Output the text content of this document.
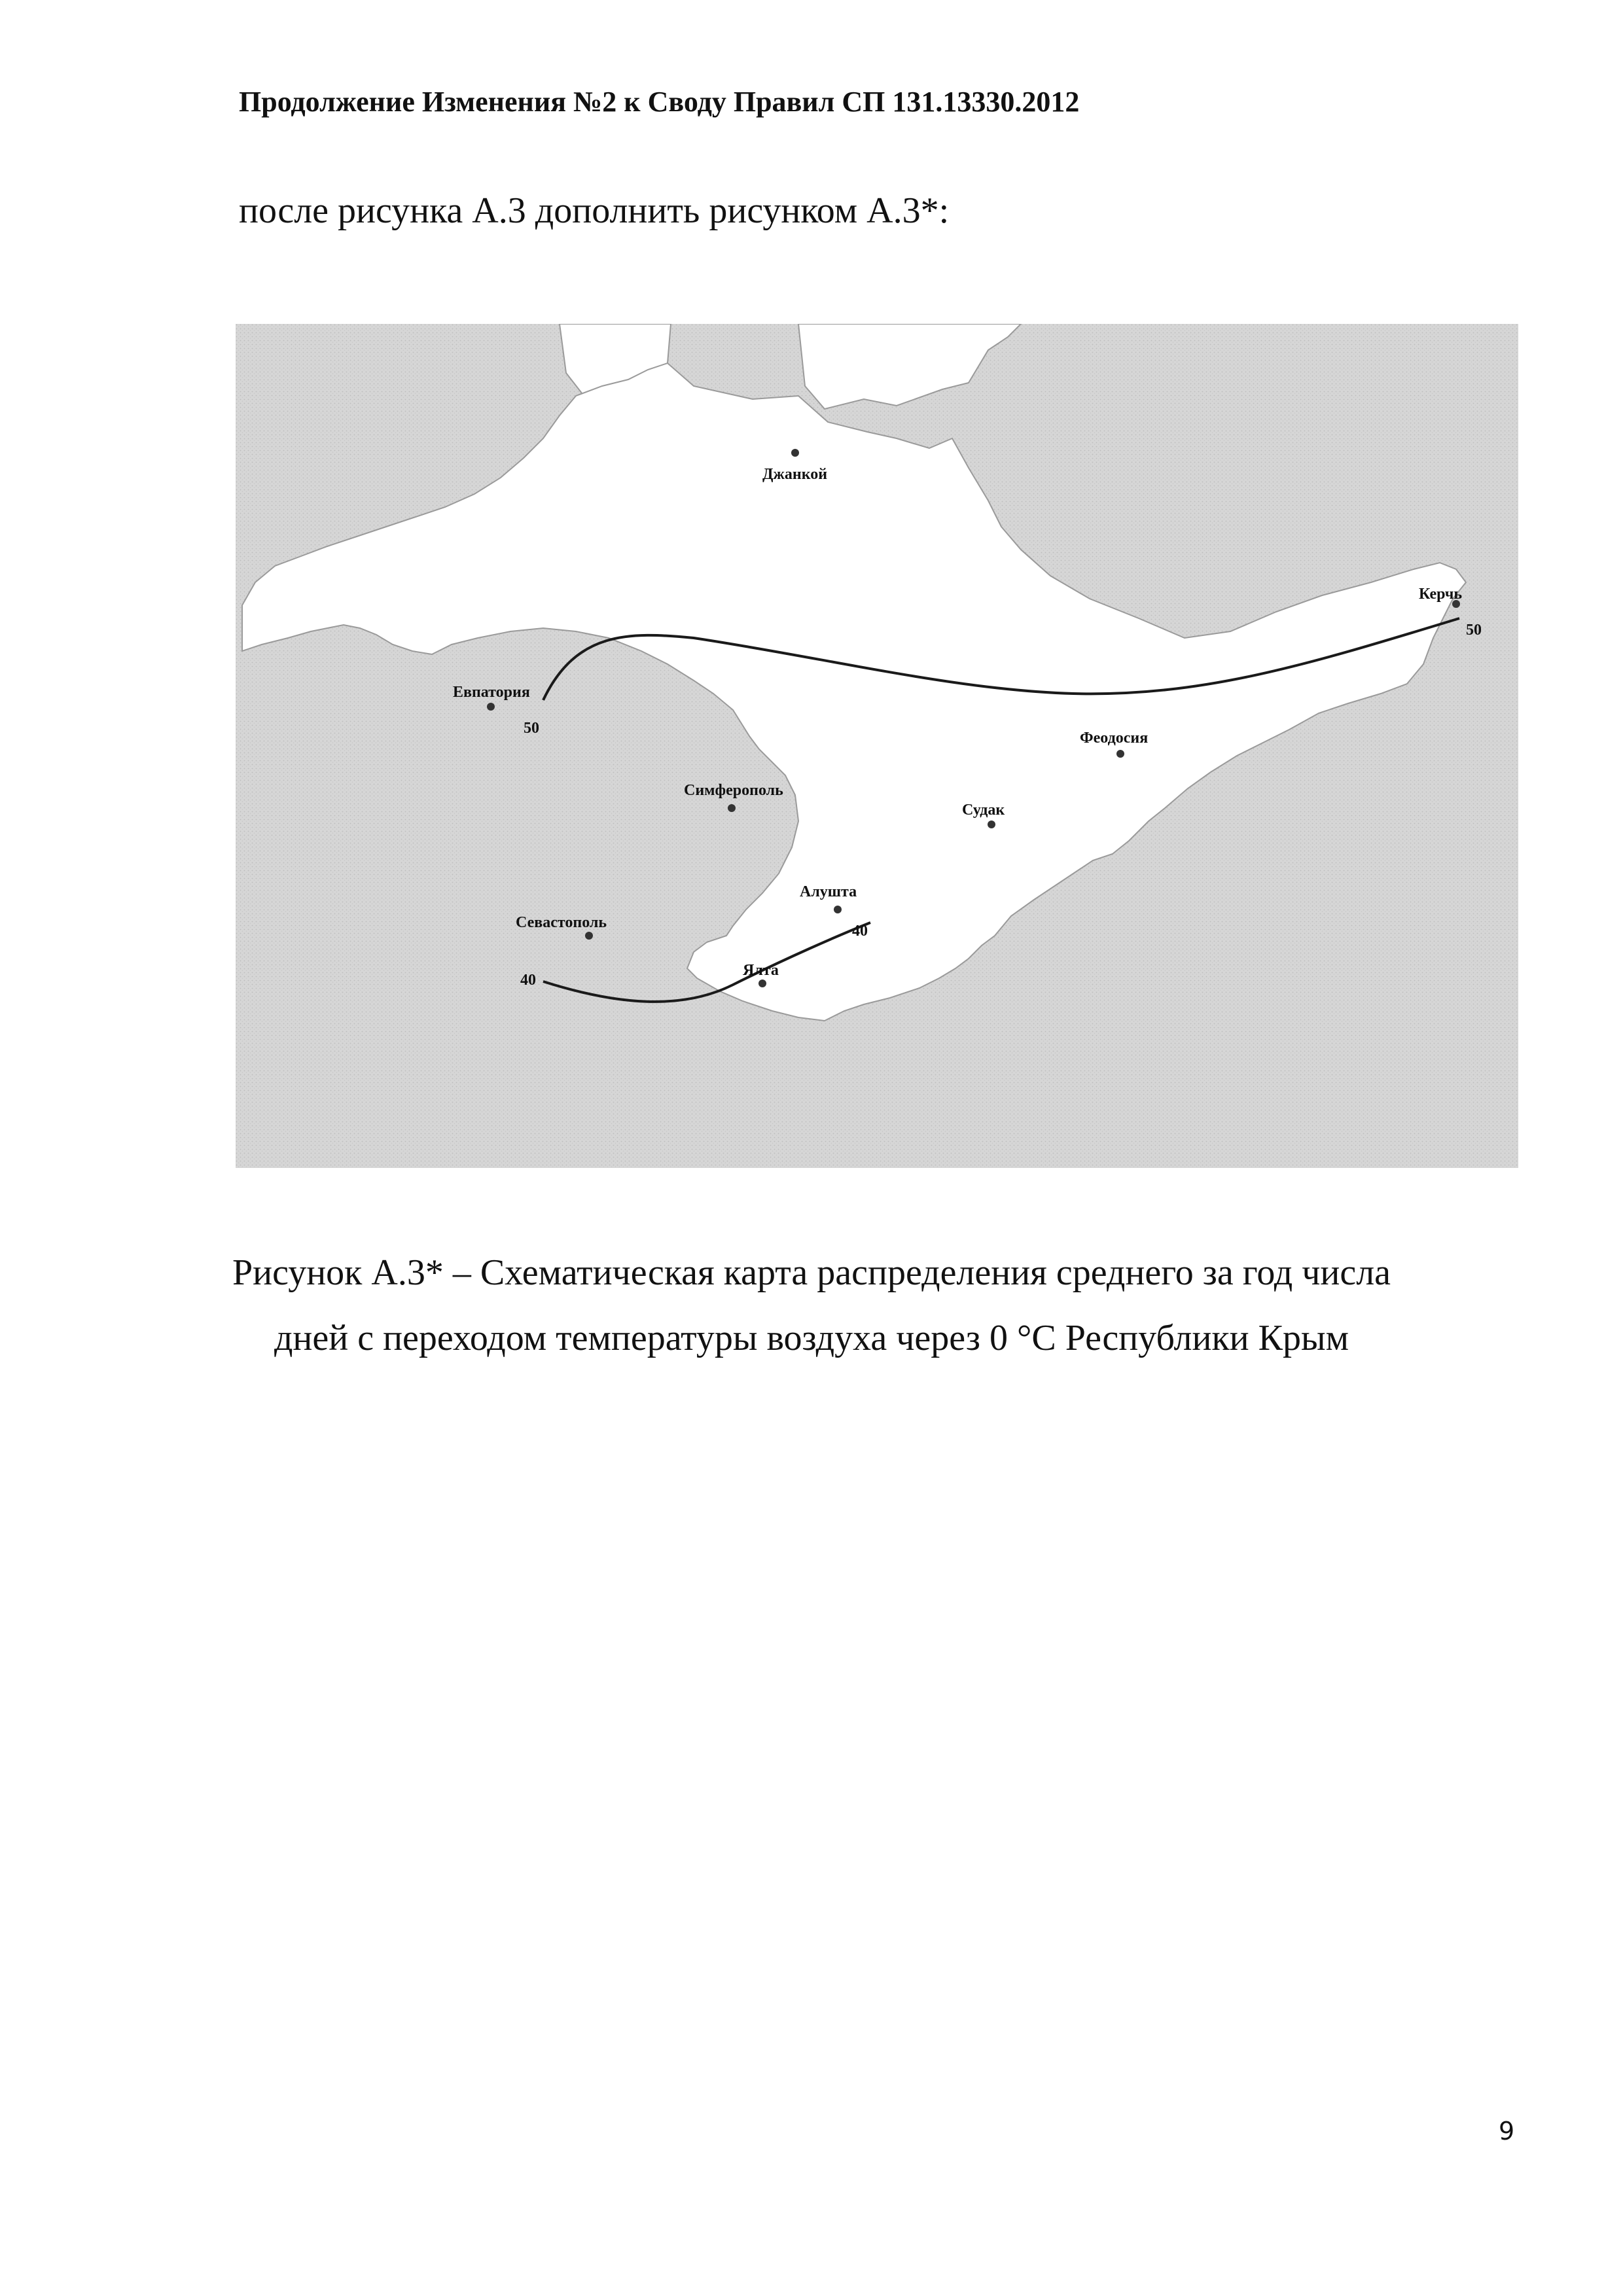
Продолжение Изменения №2 к Своду Правил СП 131.13330.2012
после рисунка А.3 дополнить рисунком А.3*:
Джанкой
Керчь
Евпатория
Феодосия
Симферополь
Судак
Алушта
Севастополь
Ялта
50
50
40
40
Рисунок А.3* – Схематическая карта распределения среднего за год числа
дней с переходом температуры воздуха через 0 °С Республики Крым
9
